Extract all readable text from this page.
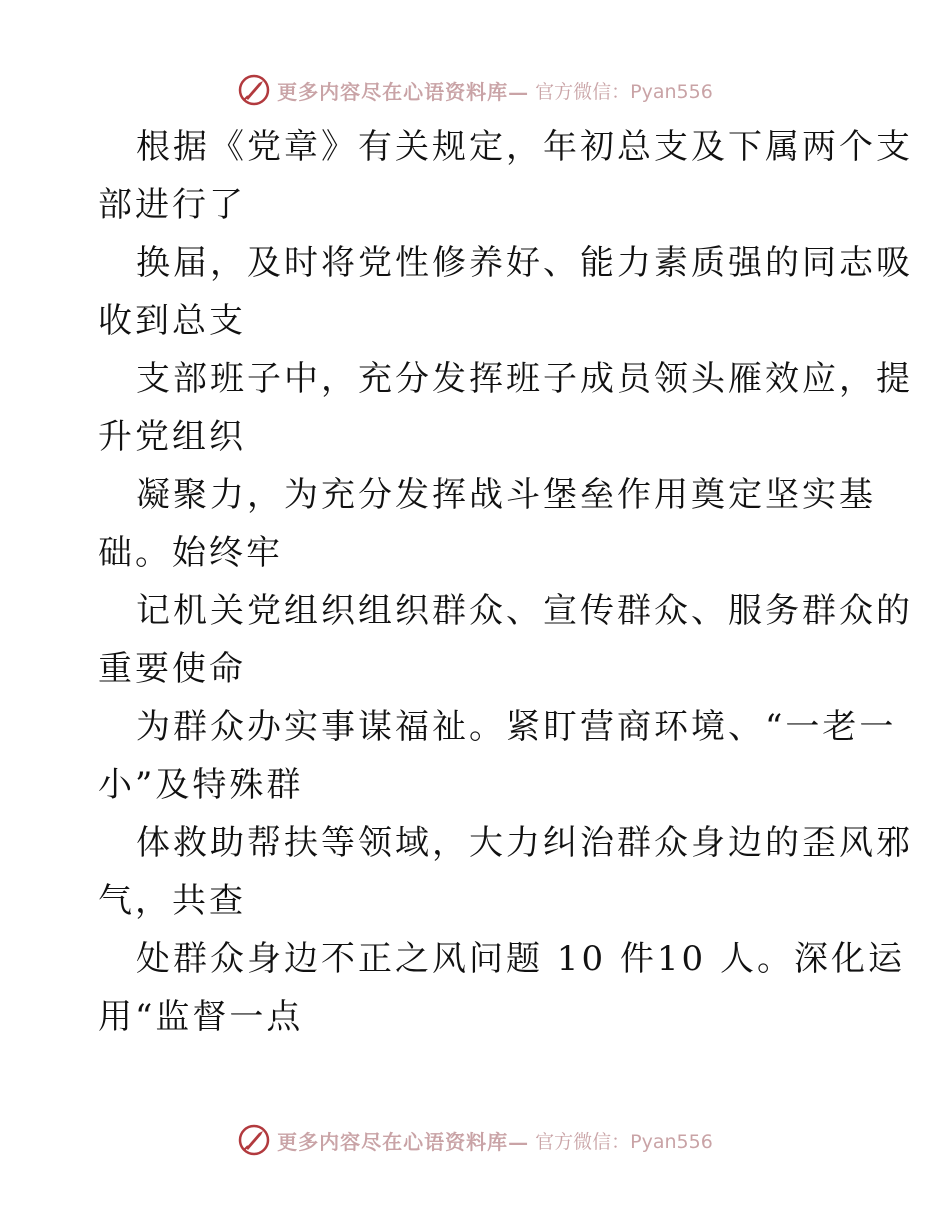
更多内容尽在心语资料库— 官方微信：Pyan556
根据《党章》有关规定，年初总支及下属两个支
部进行了
换届，及时将党性修养好、能力素质强的同志吸
收到总支
支部班子中，充分发挥班子成员领头雁效应，提
升党组织
凝聚力，为充分发挥战斗堡垒作用奠定坚实基
础。始终牢
记机关党组织组织群众、宣传群众、服务群众的
重要使命
为群众办实事谋福祉。紧盯营商环境、“一老一
小”及特殊群
体救助帮扶等领域，大力纠治群众身边的歪风邪
气，共查
处群众身边不正之风问题 10 件10 人。深化运
用“监督一点
更多内容尽在心语资料库— 官方微信：Pyan556
